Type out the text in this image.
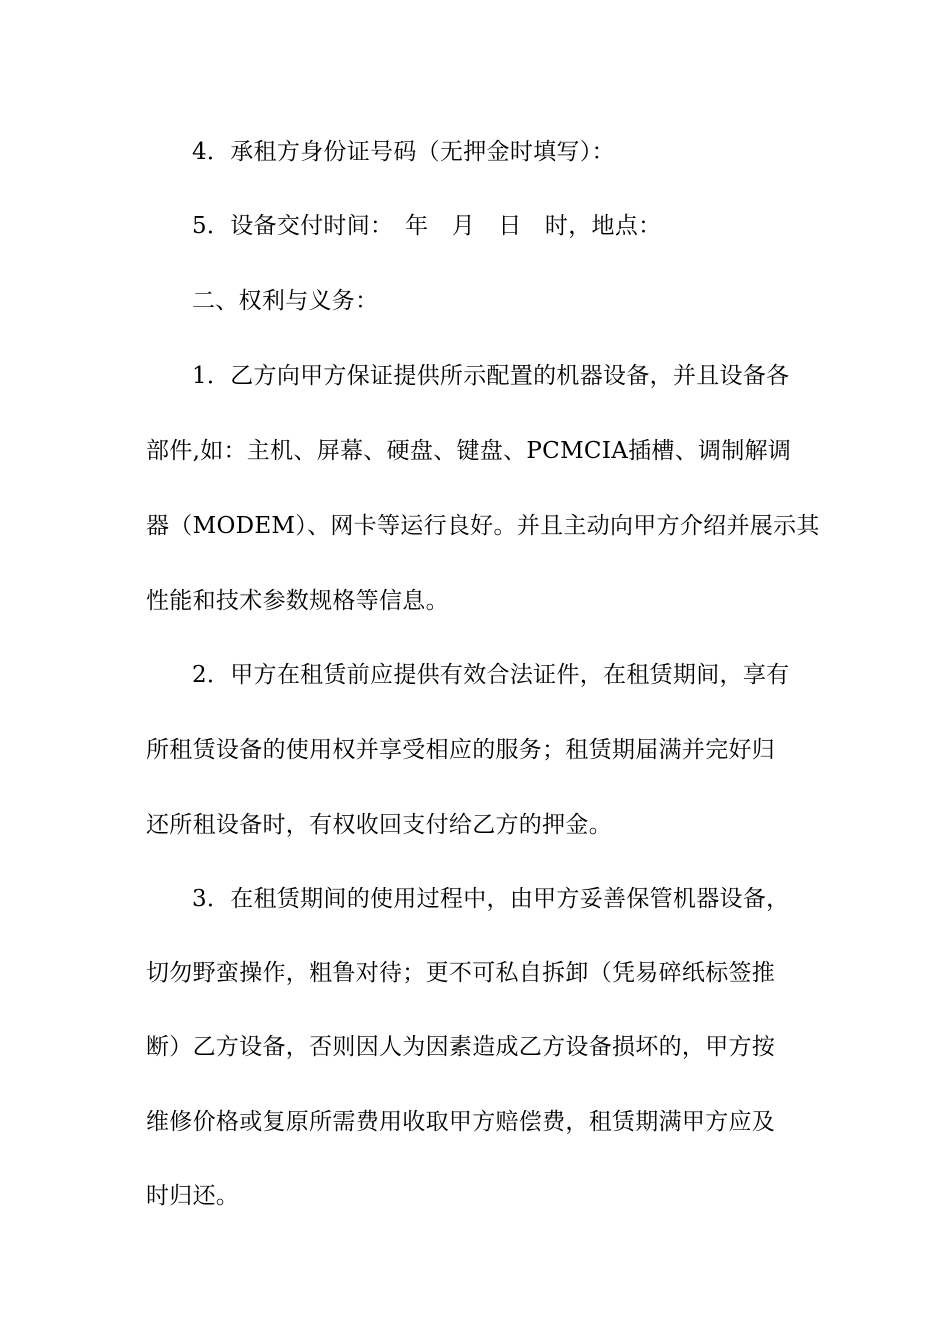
4．承租方身份证号码（无押金时填写）：
5．设备交付时间：　年　月　日　时，地点：
二、权利与义务：
1．乙方向甲方保证提供所示配置的机器设备，并且设备各
部件,如：主机、屏幕、硬盘、键盘、PCMCIA插槽、调制解调
器（MODEM）、网卡等运行良好。并且主动向甲方介绍并展示其
性能和技术参数规格等信息。
2．甲方在租赁前应提供有效合法证件，在租赁期间，享有
所租赁设备的使用权并享受相应的服务；租赁期届满并完好归
还所租设备时，有权收回支付给乙方的押金。
3．在租赁期间的使用过程中，由甲方妥善保管机器设备，
切勿野蛮操作，粗鲁对待；更不可私自拆卸（凭易碎纸标签推
断）乙方设备，否则因人为因素造成乙方设备损坏的，甲方按
维修价格或复原所需费用收取甲方赔偿费，租赁期满甲方应及
时归还。
